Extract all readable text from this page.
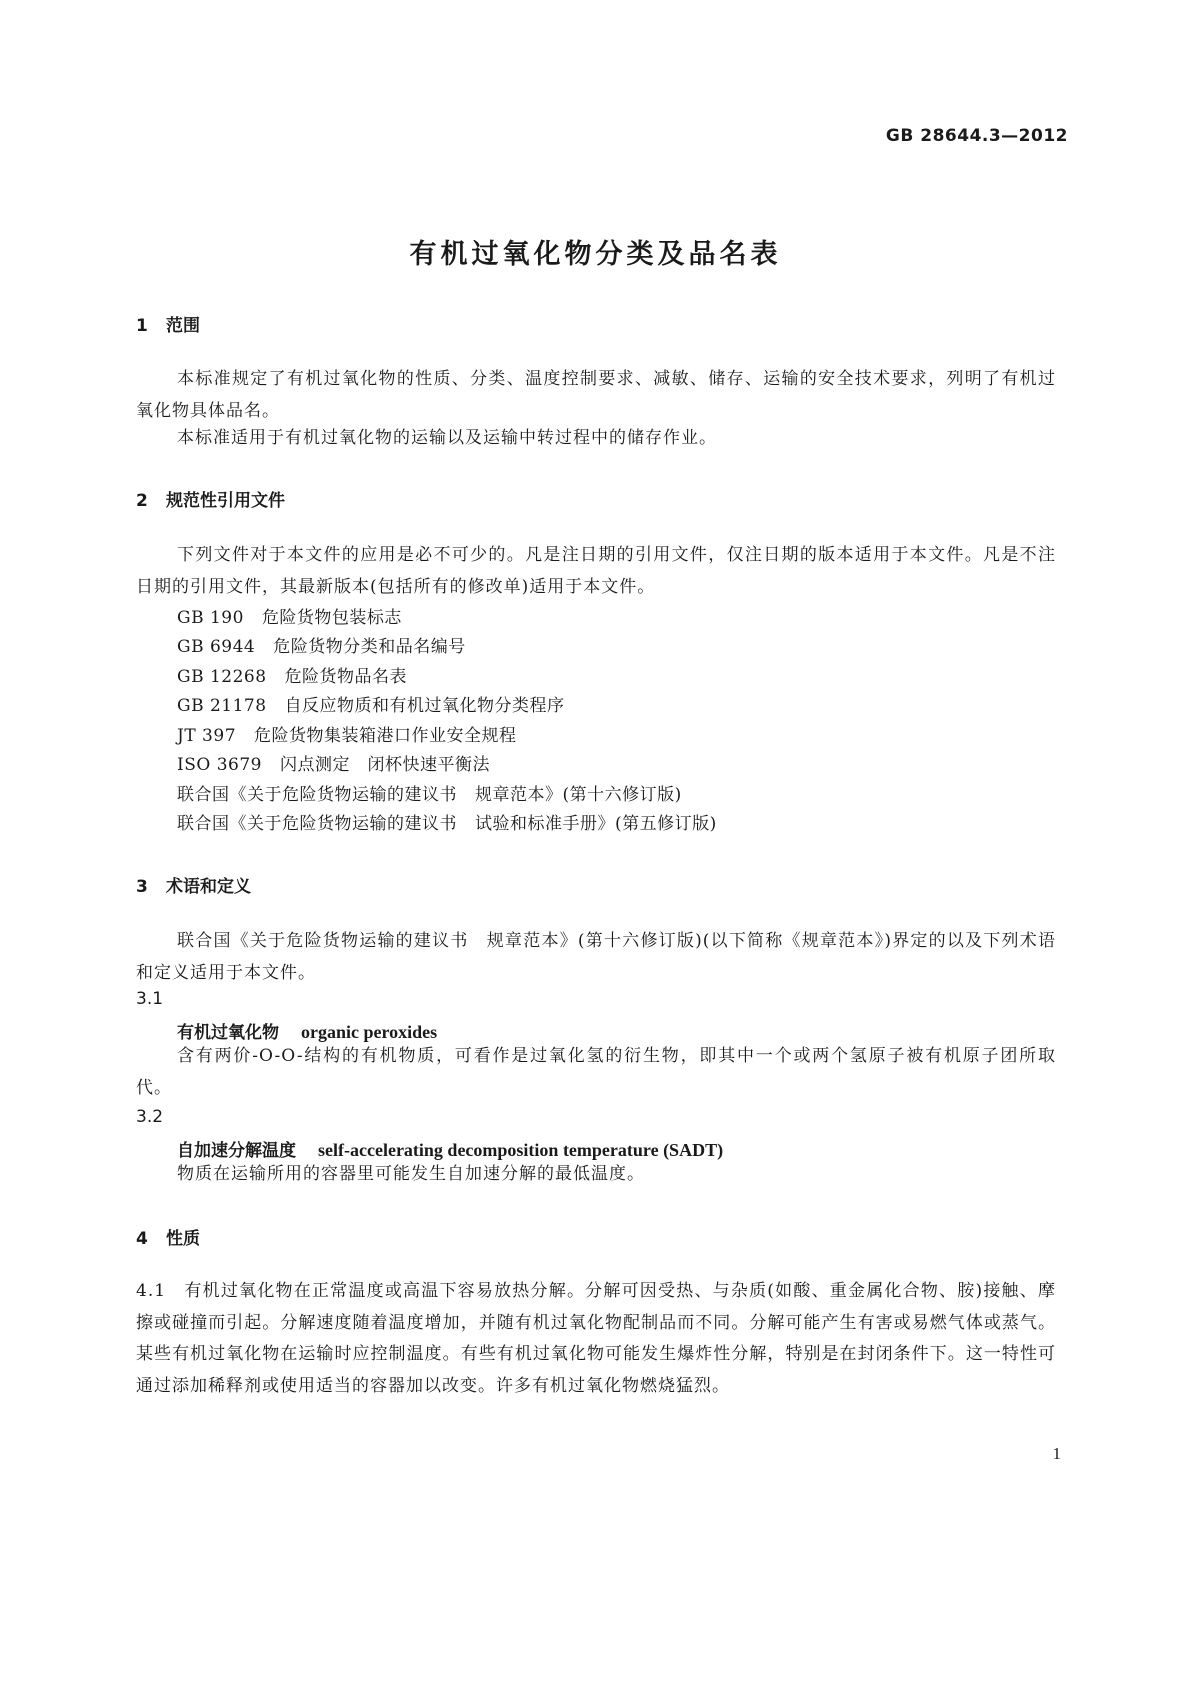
GB 28644.3—2012
有机过氧化物分类及品名表
1 范围
本标准规定了有机过氧化物的性质、分类、温度控制要求、减敏、储存、运输的安全技术要求，列明了有机过氧化物具体品名。
本标准适用于有机过氧化物的运输以及运输中转过程中的储存作业。
2 规范性引用文件
下列文件对于本文件的应用是必不可少的。凡是注日期的引用文件，仅注日期的版本适用于本文件。凡是不注日期的引用文件，其最新版本(包括所有的修改单)适用于本文件。
GB 190 危险货物包装标志
GB 6944 危险货物分类和品名编号
GB 12268 危险货物品名表
GB 21178 自反应物质和有机过氧化物分类程序
JT 397 危险货物集装箱港口作业安全规程
ISO 3679 闪点测定　闭杯快速平衡法
联合国《关于危险货物运输的建议书 规章范本》(第十六修订版)
联合国《关于危险货物运输的建议书 试验和标准手册》(第五修订版)
3 术语和定义
联合国《关于危险货物运输的建议书　规章范本》(第十六修订版)(以下简称《规章范本》)界定的以及下列术语和定义适用于本文件。
3.1
有机过氧化物 organic peroxides
含有两价-O-O-结构的有机物质，可看作是过氧化氢的衍生物，即其中一个或两个氢原子被有机原子团所取代。
3.2
自加速分解温度 self-accelerating decomposition temperature (SADT)
物质在运输所用的容器里可能发生自加速分解的最低温度。
4 性质
4.1　有机过氧化物在正常温度或高温下容易放热分解。分解可因受热、与杂质(如酸、重金属化合物、胺)接触、摩擦或碰撞而引起。分解速度随着温度增加，并随有机过氧化物配制品而不同。分解可能产生有害或易燃气体或蒸气。某些有机过氧化物在运输时应控制温度。有些有机过氧化物可能发生爆炸性分解，特别是在封闭条件下。这一特性可通过添加稀释剂或使用适当的容器加以改变。许多有机过氧化物燃烧猛烈。
1
